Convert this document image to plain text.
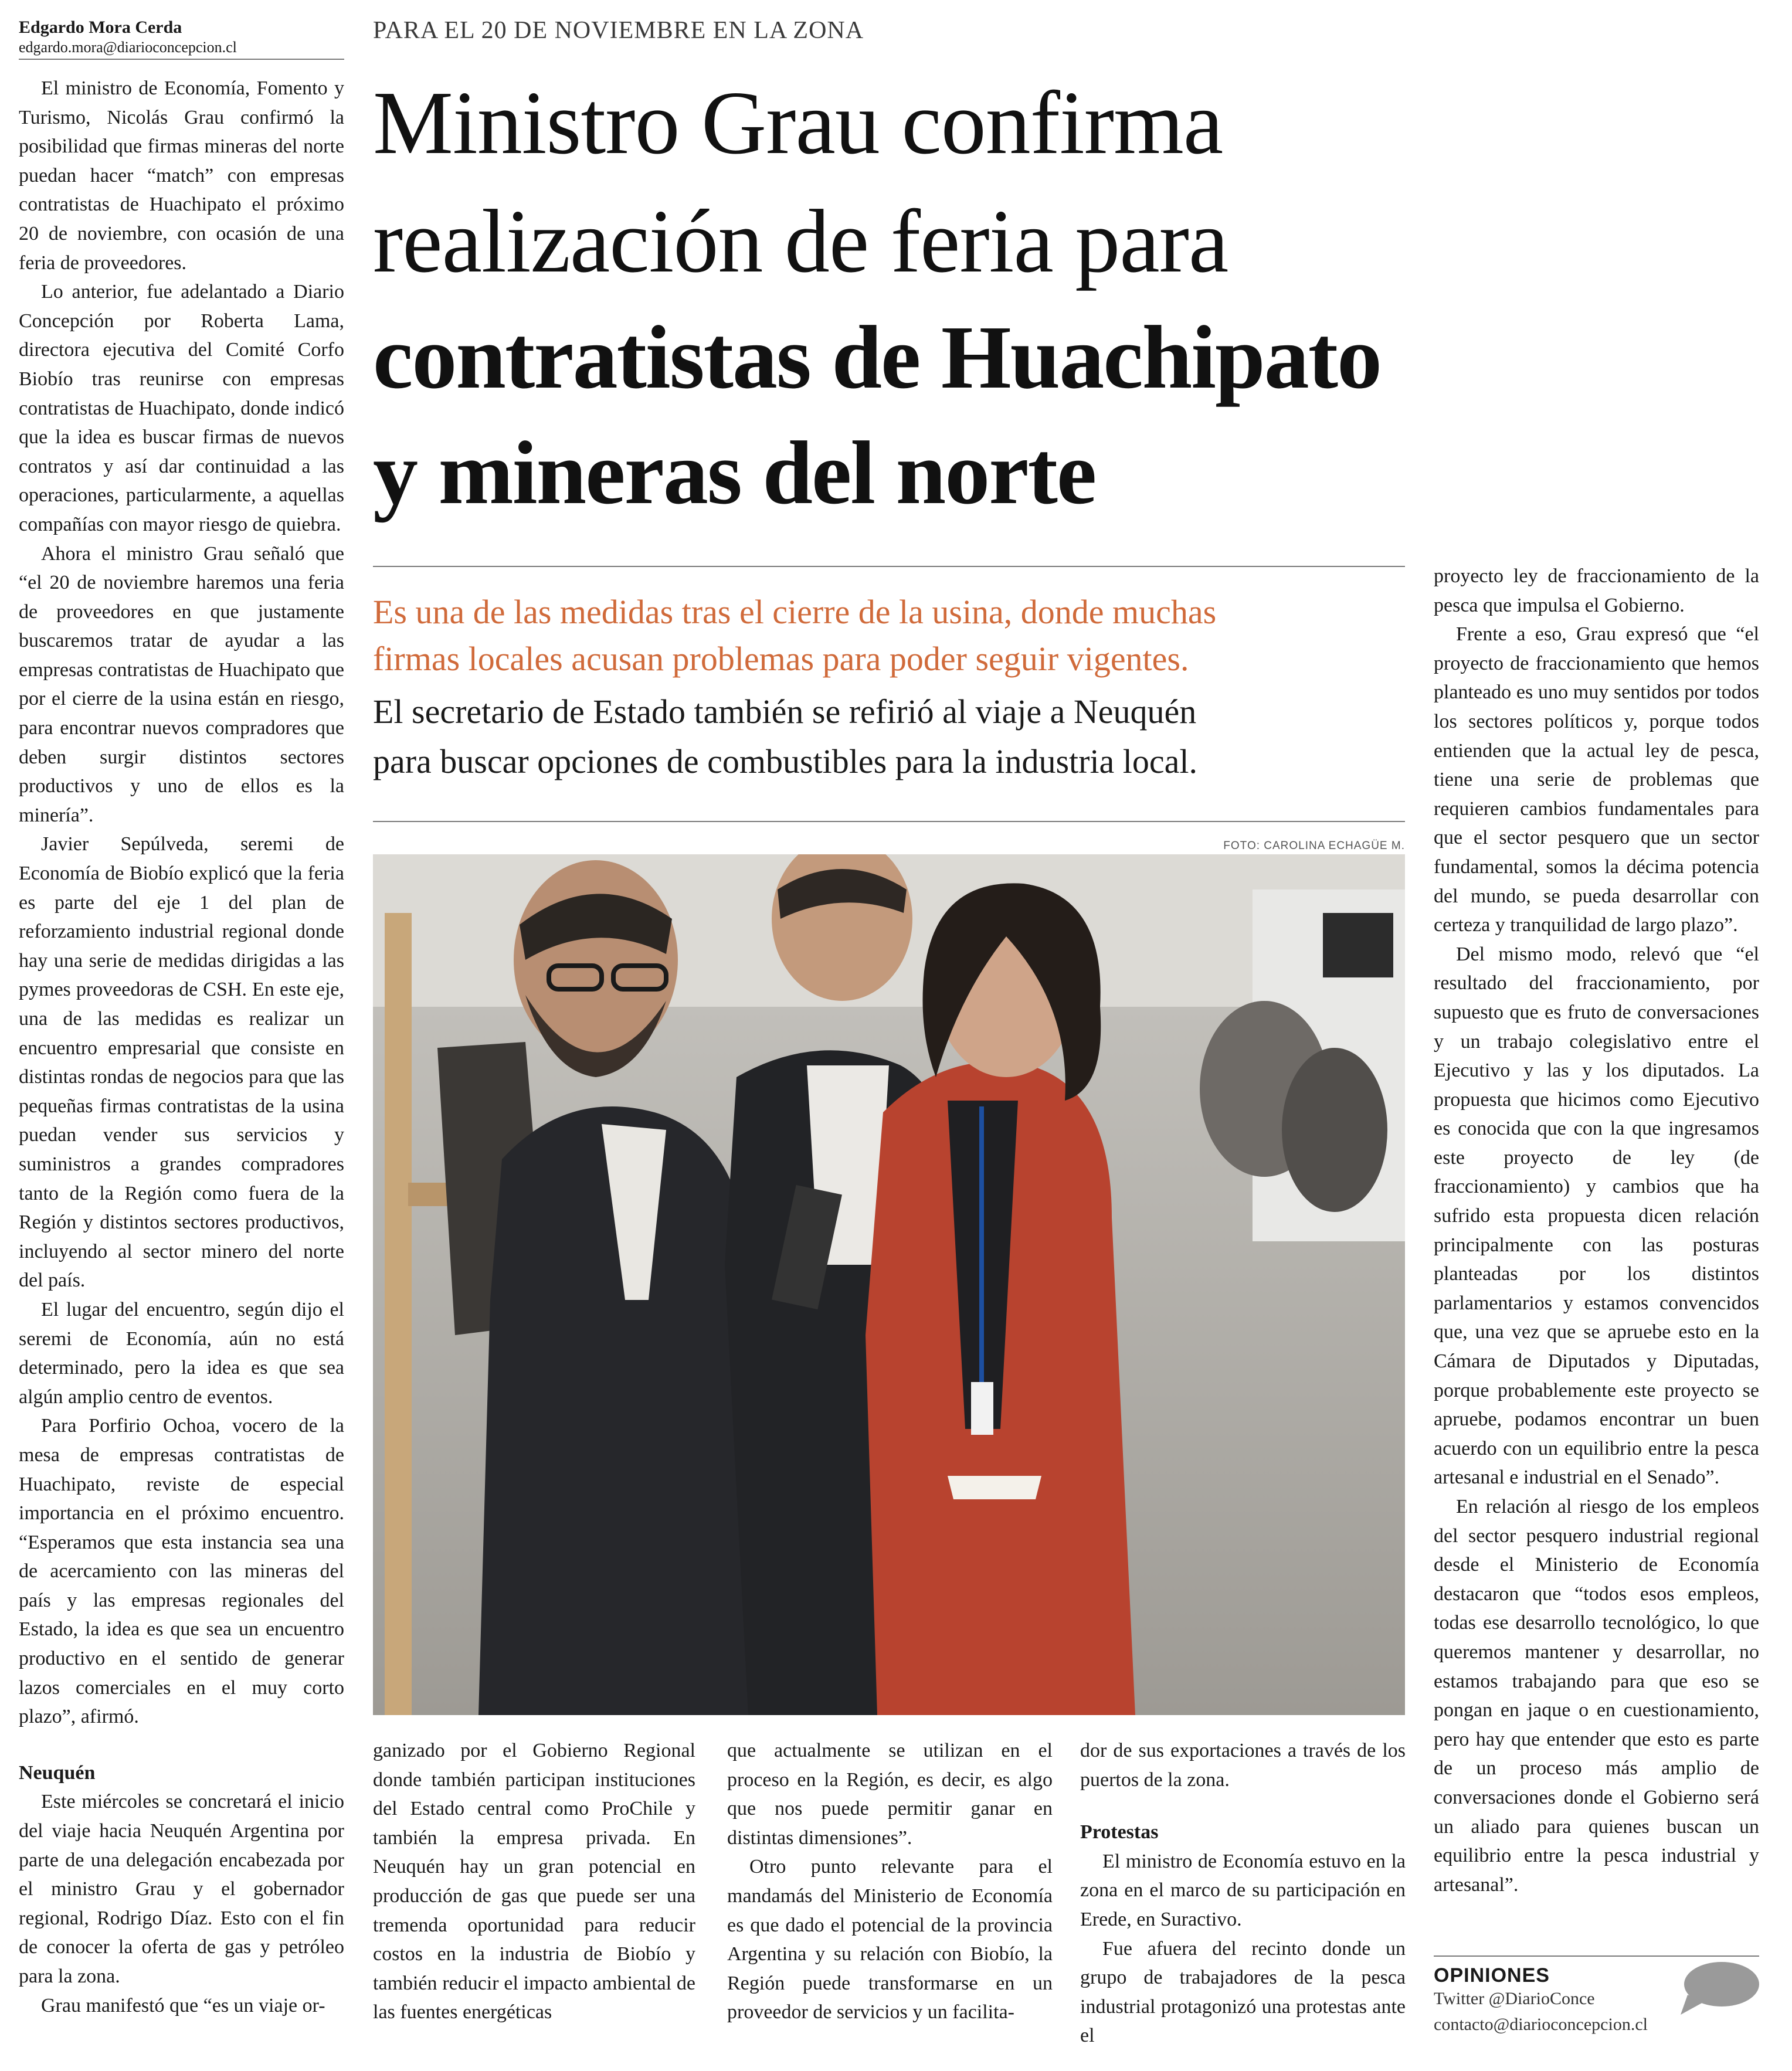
Edgardo Mora Cerda
edgardo.mora@diarioconcepcion.cl
PARA EL 20 DE NOVIEMBRE EN LA ZONA
Ministro Grau confirma
realización de feria para
contratistas de Huachipato
y mineras del norte
Es una de las medidas tras el cierre de la usina, donde muchas
firmas locales acusan problemas para poder seguir vigentes.
El secretario de Estado también se refirió al viaje a Neuquén
para buscar opciones de combustibles para la industria local.
FOTO: CAROLINA ECHAGÜE M.

El ministro de Economía, Fomento y Turismo, Nicolás Grau confirmó la posibilidad que firmas mineras del norte puedan hacer “match” con empresas contratistas de Huachipato el próximo 20 de noviembre, con ocasión de una feria de proveedores.

Lo anterior, fue adelantado a Diario Concepción por Roberta Lama, directora ejecutiva del Comité Corfo Biobío tras reunirse con empresas contratistas de Huachipato, donde indicó que la idea es buscar firmas de nuevos contratos y así dar continuidad a las operaciones, particularmente, a aquellas compañías con mayor riesgo de quiebra.

Ahora el ministro Grau señaló que “el 20 de noviembre haremos una feria de proveedores en que justamente buscaremos tratar de ayudar a las empresas contratistas de Huachipato que por el cierre de la usina están en riesgo, para encontrar nuevos compradores que deben surgir distintos sectores productivos y uno de ellos es la minería”.

Javier Sepúlveda, seremi de Economía de Biobío explicó que la feria es parte del eje 1 del plan de reforzamiento industrial regional donde hay una serie de medidas dirigidas a las pymes proveedoras de CSH. En este eje, una de las medidas es realizar un encuentro empresarial que consiste en distintas rondas de negocios para que las pequeñas firmas contratistas de la usina puedan vender sus servicios y suministros a grandes compradores tanto de la Región como fuera de la Región y distintos sectores productivos, incluyendo al sector minero del norte del país.

El lugar del encuentro, según dijo el seremi de Economía, aún no está determinado, pero la idea es que sea algún amplio centro de eventos.

Para Porfirio Ochoa, vocero de la mesa de empresas contratistas de Huachipato, reviste de especial importancia en el próximo encuentro. “Esperamos que esta instancia sea una de acercamiento con las mineras del país y las empresas regionales del Estado, la idea es que sea un encuentro productivo en el sentido de generar lazos comerciales en el muy corto plazo”, afirmó.

Neuquén

Este miércoles se concretará el inicio del viaje hacia Neuquén Argentina por parte de una delegación encabezada por el ministro Grau y el gobernador regional, Rodrigo Díaz. Esto con el fin de conocer la oferta de gas y petróleo para la zona.

Grau manifestó que “es un viaje or-

ganizado por el Gobierno Regional donde también participan instituciones del Estado central como ProChile y también la empresa privada. En Neuquén hay un gran potencial en producción de gas que puede ser una tremenda oportunidad para reducir costos en la industria de Biobío y también reducir el impacto ambiental de las fuentes energéticas

que actualmente se utilizan en el proceso en la Región, es decir, es algo que nos puede permitir ganar en distintas dimensiones”.

Otro punto relevante para el mandamás del Ministerio de Economía es que dado el potencial de la provincia Argentina y su relación con Biobío, la Región puede transformarse en un proveedor de servicios y un facilita-

dor de sus exportaciones a través de los puertos de la zona.

Protestas

El ministro de Economía estuvo en la zona en el marco de su participación en Erede, en Suractivo.

Fue afuera del recinto donde un grupo de trabajadores de la pesca industrial protagonizó una protestas ante el

proyecto ley de fraccionamiento de la pesca que impulsa el Gobierno.

Frente a eso, Grau expresó que “el proyecto de fraccionamiento que hemos planteado es uno muy sentidos por todos los sectores políticos y, porque todos entienden que la actual ley de pesca, tiene una serie de problemas que requieren cambios fundamentales para que el sector pesquero que un sector fundamental, somos la décima potencia del mundo, se pueda desarrollar con certeza y tranquilidad de largo plazo”.

Del mismo modo, relevó que “el resultado del fraccionamiento, por supuesto que es fruto de conversaciones y un trabajo colegislativo entre el Ejecutivo y las y los diputados. La propuesta que hicimos como Ejecutivo es conocida que con la que ingresamos este proyecto de ley (de fraccionamiento) y cambios que ha sufrido esta propuesta dicen relación principalmente con las posturas planteadas por los distintos parlamentarios y estamos convencidos que, una vez que se apruebe esto en la Cámara de Diputados y Diputadas, porque probablemente este proyecto se apruebe, podamos encontrar un buen acuerdo con un equilibrio entre la pesca artesanal e industrial en el Senado”.

En relación al riesgo de los empleos del sector pesquero industrial regional desde el Ministerio de Economía destacaron que “todos esos empleos, todas ese desarrollo tecnológico, lo que queremos mantener y desarrollar, no estamos trabajando para que eso se pongan en jaque o en cuestionamiento, pero hay que entender que esto es parte de un proceso más amplio de conversaciones donde el Gobierno será un aliado para quienes buscan un equilibrio entre la pesca industrial y artesanal”.

OPINIONES
Twitter @DiarioConce
contacto@diarioconcepcion.cl
